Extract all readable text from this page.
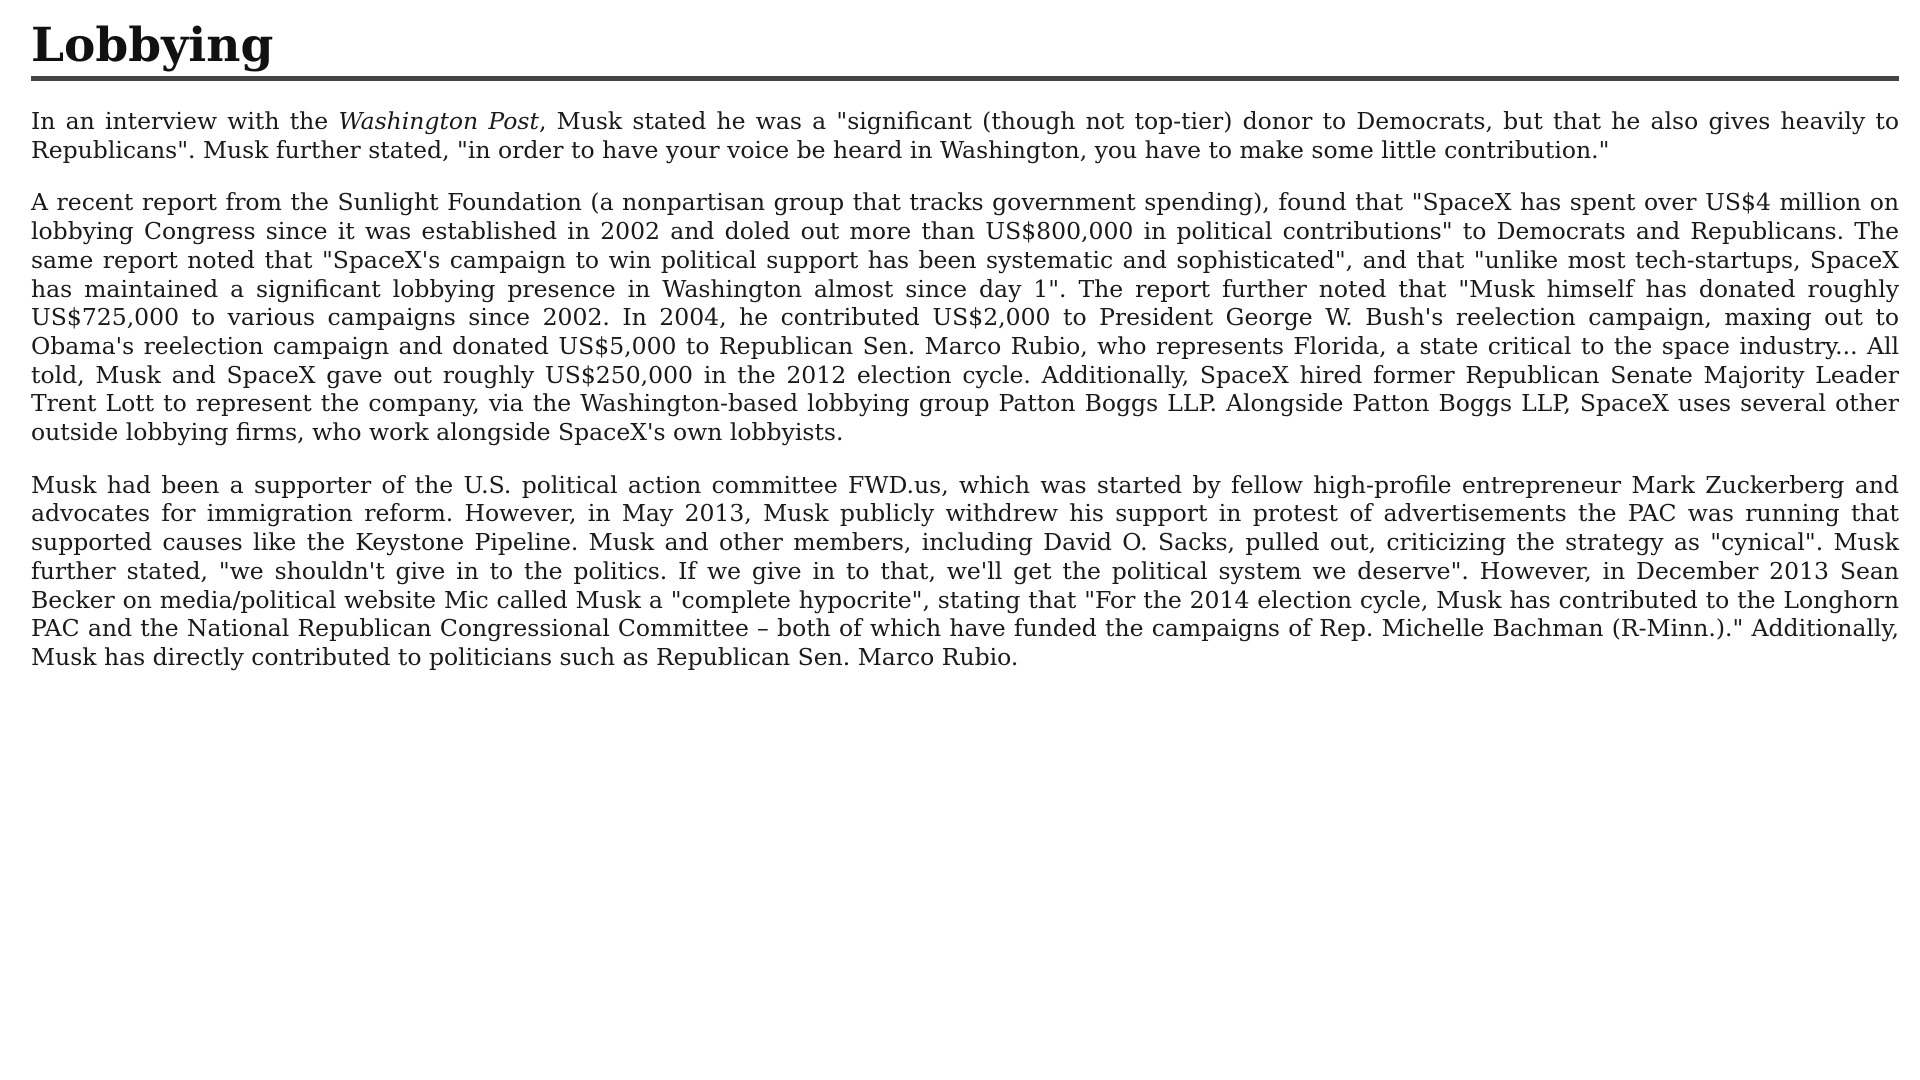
Lobbying

In an interview with the Washington Post, Musk stated he was a "significant (though not top-tier) donor to Democrats, but that he also gives heavily to Republicans". Musk further stated, "in order to have your voice be heard in Washington, you have to make some little contribution."

A recent report from the Sunlight Foundation (a nonpartisan group that tracks government spending), found that "SpaceX has spent over US$4 million on lobbying Congress since it was established in 2002 and doled out more than US$800,000 in political contributions" to Democrats and Republicans. The same report noted that "SpaceX's campaign to win political support has been systematic and sophisticated", and that "unlike most tech-startups, SpaceX has maintained a significant lobbying presence in Washington almost since day 1". The report further noted that "Musk himself has donated roughly US$725,000 to various campaigns since 2002. In 2004, he contributed US$2,000 to President George W. Bush's reelection campaign, maxing out to Obama's reelection campaign and donated US$5,000 to Republican Sen. Marco Rubio, who represents Florida, a state critical to the space industry... All told, Musk and SpaceX gave out roughly US$250,000 in the 2012 election cycle. Additionally, SpaceX hired former Republican Senate Majority Leader Trent Lott to represent the company, via the Washington-based lobbying group Patton Boggs LLP. Alongside Patton Boggs LLP, SpaceX uses several other outside lobbying firms, who work alongside SpaceX's own lobbyists.

Musk had been a supporter of the U.S. political action committee FWD.us, which was started by fellow high-profile entrepreneur Mark Zuckerberg and advocates for immigration reform. However, in May 2013, Musk publicly withdrew his support in protest of advertisements the PAC was running that supported causes like the Keystone Pipeline. Musk and other members, including David O. Sacks, pulled out, criticizing the strategy as "cynical". Musk further stated, "we shouldn't give in to the politics. If we give in to that, we'll get the political system we deserve". However, in December 2013 Sean Becker on media/political website Mic called Musk a "complete hypocrite", stating that "For the 2014 election cycle, Musk has contributed to the Longhorn PAC and the National Republican Congressional Committee – both of which have funded the campaigns of Rep. Michelle Bachman (R-Minn.)." Additionally, Musk has directly contributed to politicians such as Republican Sen. Marco Rubio.
